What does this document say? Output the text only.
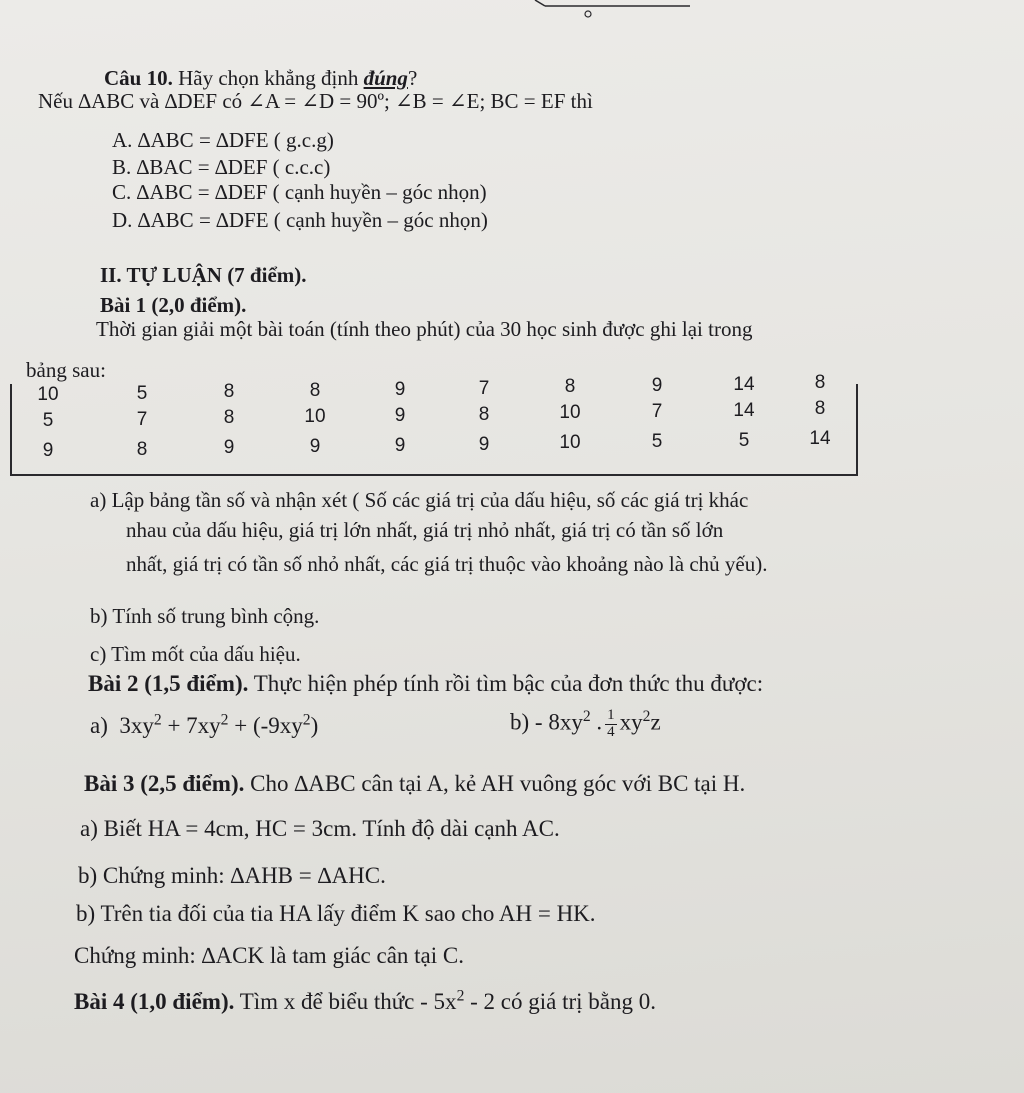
Câu 10. Hãy chọn khẳng định đúng?
Nếu ∆ABC và ∆DEF có ∠A = ∠D = 90º; ∠B = ∠E; BC = EF thì
A. ∆ABC = ∆DFE ( g.c.g)
B. ∆BAC = ∆DEF ( c.c.c)
C. ∆ABC = ∆DEF ( cạnh huyền – góc nhọn)
D. ∆ABC = ∆DFE ( cạnh huyền – góc nhọn)
II. TỰ LUẬN (7 điểm).
Bài 1 (2,0 điểm).
Thời gian giải một bài toán (tính theo phút) của 30 học sinh được ghi lại trong
bảng sau:
10	5	8	8	9	7	8	9	14	8
5	7	8	10	9	8	10	7	14	8
9	8	9	9	9	9	10	5	5	14
a) Lập bảng tần số và nhận xét ( Số các giá trị của dấu hiệu, số các giá trị khác
nhau của dấu hiệu, giá trị lớn nhất, giá trị nhỏ nhất, giá trị có tần số lớn
nhất, giá trị có tần số nhỏ nhất, các giá trị thuộc vào khoảng nào là chủ yếu).
b) Tính số trung bình cộng.
c) Tìm mốt của dấu hiệu.
Bài 2 (1,5 điểm). Thực hiện phép tính rồi tìm bậc của đơn thức thu được:
a)  $3xy^2 + 7xy^2 + (-9xy^2)$	$b) - 8xy^2$ . $\frac{1}{4} xy^2z$
Bài 3 (2,5 điểm). Cho ∆ABC cân tại A, kẻ AH vuông góc với BC tại H.
a) Biết HA = 4cm, HC = 3cm. Tính độ dài cạnh AC.
b) Chứng minh: ∆AHB = ∆AHC.
b) Trên tia đối của tia HA lấy điểm K sao cho AH = HK.
Chứng minh: ∆ACK là tam giác cân tại C.
Bài 4 (1,0 điểm). Tìm x để biểu thức - $5x^2 - 2$ có giá trị bằng 0.
